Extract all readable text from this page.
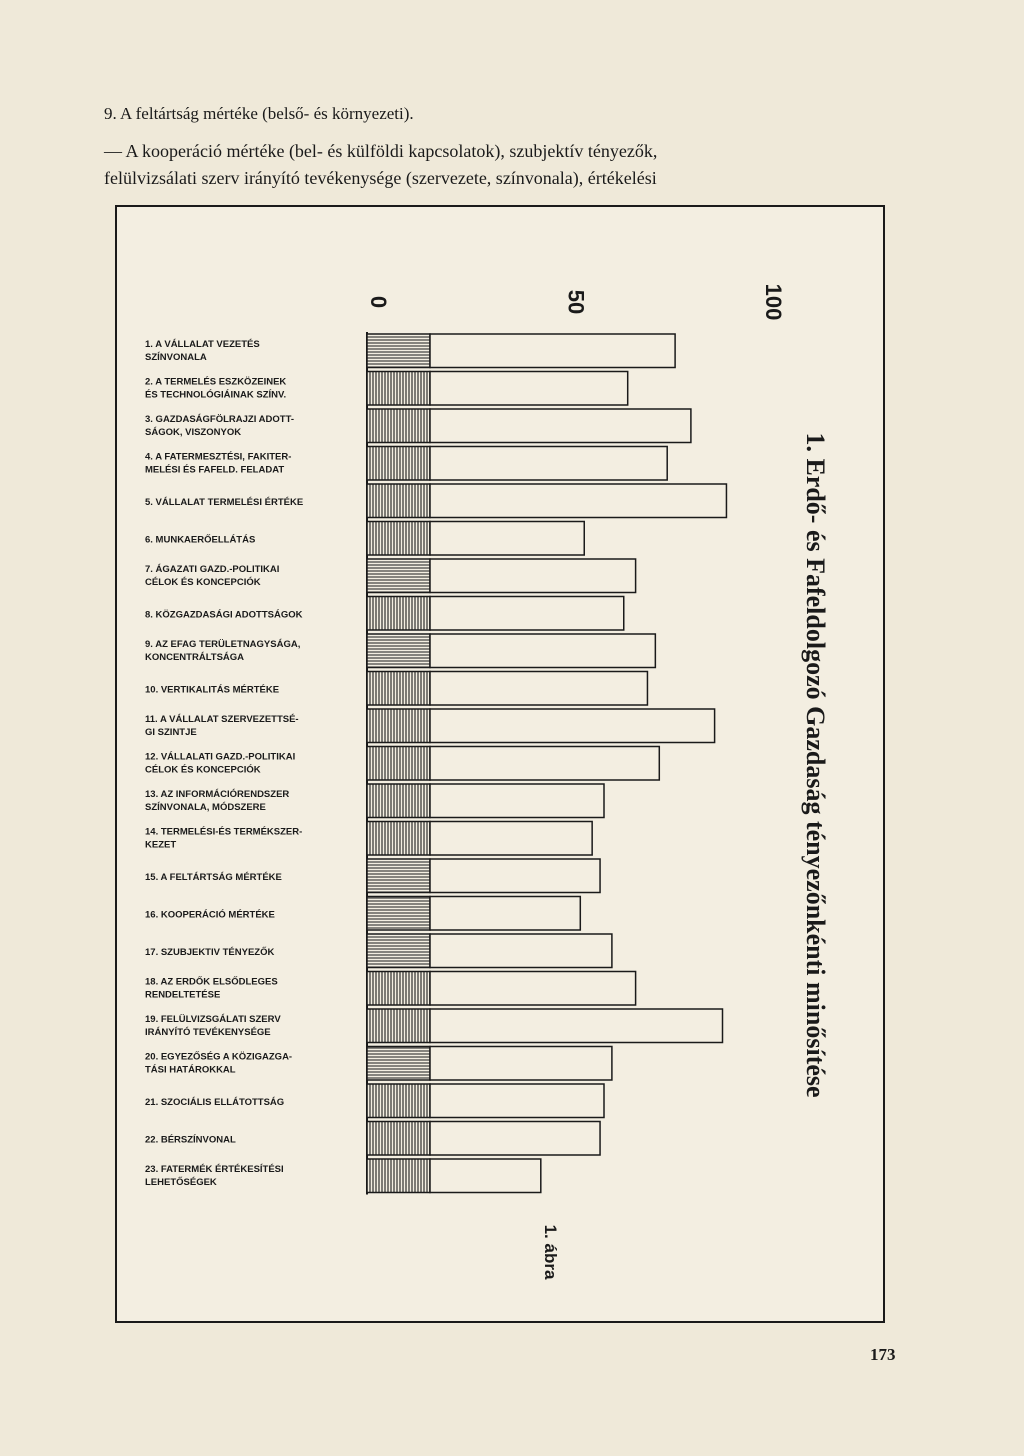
9. A feltártság mértéke (belső- és környezeti).
— A kooperáció mértéke (bel- és külföldi kapcsolatok), szubjektív tényezők,
felülvizsálati szerv irányító tevékenysége (szervezete, színvonala), értékelési
1. A VÁLLALAT VEZETÉS SZÍNVONALA
2. A TERMELÉS ESZKÖZEINEK ÉS TECHNOLÓGIÁINAK SZÍNV.
3. GAZDASÁGFÖLRAJZI ADOTT-SÁGOK, VISZONYOK
4. A FATERMESZTÉSI, FAKITER-MELÉSI ÉS FAFELD. FELADAT
5. VÁLLALAT TERMELÉSI ÉRTÉKE
6. MUNKAERŐELLÁTÁS
7. ÁGAZATI GAZD.-POLITIKAI CÉLOK ÉS KONCEPCIÓK
8. KÖZGAZDASÁGI ADOTTSÁGOK
9. AZ EFAG TERÜLETNAGYSÁGA, KONCENTRÁLTSÁGA
10. VERTIKALITÁS MÉRTÉKE
11. A VÁLLALAT SZERVEZETTSÉ-GI SZINTJE
12. VÁLLALATI GAZD.-POLITIKAI CÉLOK ÉS KONCEPCIÓK
13. AZ INFORMÁCIÓRENDSZER SZÍNVONALA, MÓDSZERE
14. TERMELÉSI-ÉS TERMÉKSZER-KEZET
15. A FELTÁRTSÁG MÉRTÉKE
16. KOOPERÁCIÓ MÉRTÉKE
17. SZUBJEKTIV TÉNYEZŐK
18. AZ ERDŐK ELSŐDLEGES RENDELTETÉSE
19. FELÜLVIZSGÁLATI SZERV IRÁNYÍTÓ TEVÉKENYSÉGE
20. EGYEZŐSÉG A KÖZIGAZGA-TÁSI HATÁROKKAL
21. SZOCIÁLIS ELLÁTOTTSÁG
22. BÉRSZÍNVONAL
23. FATERMÉK ÉRTÉKESÍTÉSI LEHETŐSÉGEK
0	50	100
1. Erdő- és Fafeldolgozó Gazdaság tényezőnkénti minősítése
1. ábra
173
